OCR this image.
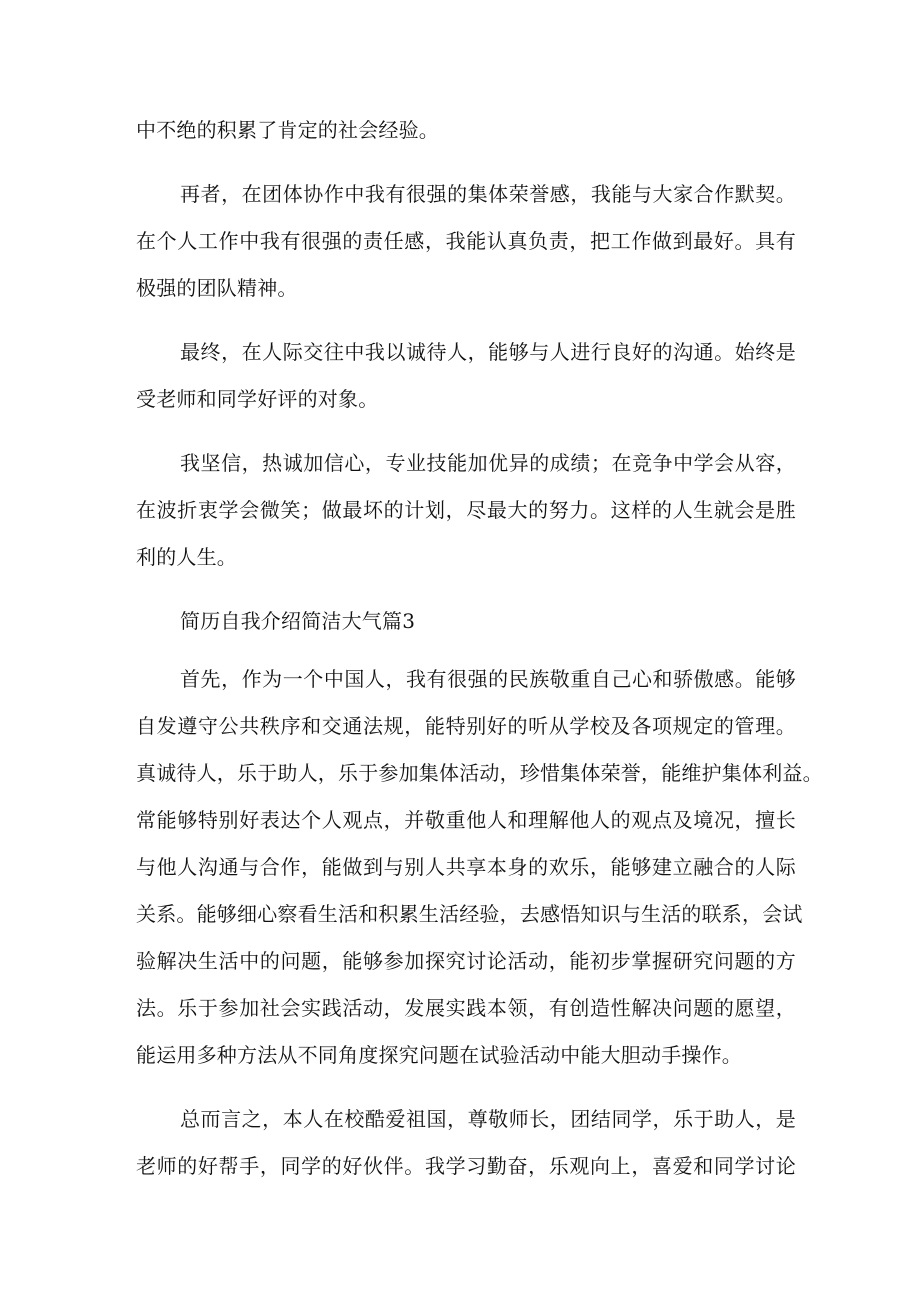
中不绝的积累了肯定的社会经验。
再者，在团体协作中我有很强的集体荣誉感，我能与大家合作默契。
在个人工作中我有很强的责任感，我能认真负责，把工作做到最好。具有
极强的团队精神。
最终，在人际交往中我以诚待人，能够与人进行良好的沟通。始终是
受老师和同学好评的对象。
我坚信，热诚加信心，专业技能加优异的成绩；在竞争中学会从容，
在波折衷学会微笑；做最坏的计划，尽最大的努力。这样的人生就会是胜
利的人生。
简历自我介绍简洁大气篇3
首先，作为一个中国人，我有很强的民族敬重自己心和骄傲感。能够
自发遵守公共秩序和交通法规，能特别好的听从学校及各项规定的管理。
真诚待人，乐于助人，乐于参加集体活动，珍惜集体荣誉，能维护集体利益。
常能够特别好表达个人观点，并敬重他人和理解他人的观点及境况，擅长
与他人沟通与合作，能做到与别人共享本身的欢乐，能够建立融合的人际
关系。能够细心察看生活和积累生活经验，去感悟知识与生活的联系，会试
验解决生活中的问题，能够参加探究讨论活动，能初步掌握研究问题的方
法。乐于参加社会实践活动，发展实践本领，有创造性解决问题的愿望，
能运用多种方法从不同角度探究问题在试验活动中能大胆动手操作。
总而言之，本人在校酷爱祖国，尊敬师长，团结同学，乐于助人，是
老师的好帮手，同学的好伙伴。我学习勤奋，乐观向上，喜爱和同学讨论
